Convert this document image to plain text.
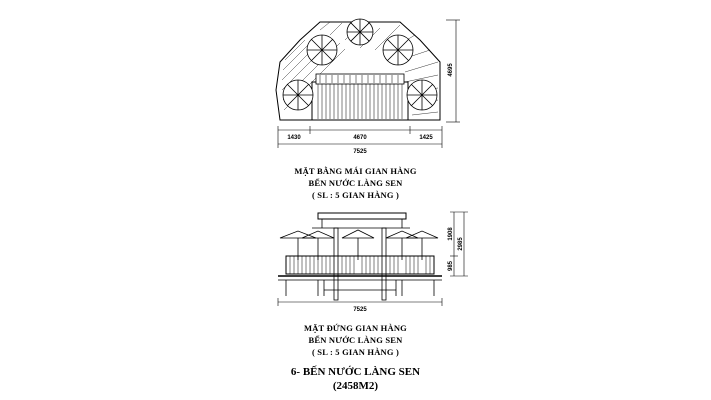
1430	4670	1425
7525
4695
7525
1908
2985
985
MẶT BẰNG MÁI GIAN HÀNG
BẾN NƯỚC LÀNG SEN
( SL : 5 GIAN HÀNG )
MẶT ĐỨNG GIAN HÀNG
BẾN NƯỚC LÀNG SEN
( SL : 5 GIAN HÀNG )
6- BẾN NƯỚC LÀNG SEN
(2458M2)
